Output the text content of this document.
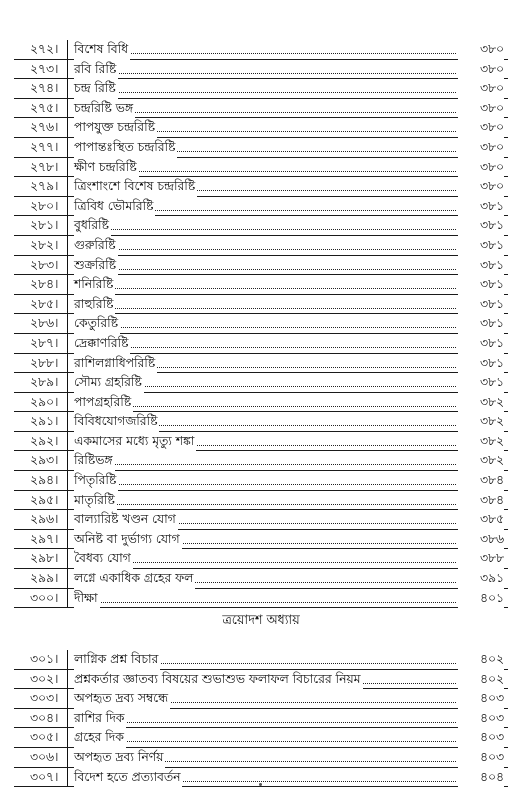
২৭২।	বিশেষ বিধি	৩৮০
২৭৩।	রবি রিষ্টি	৩৮০
২৭৪।	চন্দ্র রিষ্টি	৩৮০
২৭৫।	চন্দ্ররিষ্টি ভঙ্গ	৩৮০
২৭৬।	পাপযুক্ত চন্দ্ররিষ্টি	৩৮০
২৭৭।	পাপান্তঃস্থিত চন্দ্ররিষ্টি	৩৮০
২৭৮।	ক্ষীণ চন্দ্ররিষ্টি	৩৮০
২৭৯।	ত্রিংশাংশে বিশেষ চন্দ্ররিষ্টি	৩৮০
২৮০।	ত্রিবিধ ভৌমরিষ্টি	৩৮১
২৮১।	বুধরিষ্টি	৩৮১
২৮২।	গুরুরিষ্টি	৩৮১
২৮৩।	শুক্ররিষ্টি	৩৮১
২৮৪।	শনিরিষ্টি	৩৮১
২৮৫।	রাহুরিষ্টি	৩৮১
২৮৬।	কেতুরিষ্টি	৩৮১
২৮৭।	দ্রেক্কাণরিষ্টি	৩৮১
২৮৮।	রাশিলগ্নাধিপরিষ্টি	৩৮১
২৮৯।	সৌম্য গ্রহরিষ্টি	৩৮১
২৯০।	পাপগ্রহরিষ্টি	৩৮২
২৯১।	বিবিধযোগজরিষ্টি	৩৮২
২৯২।	একমাসের মধ্যে মৃত্যু শঙ্কা	৩৮২
২৯৩।	রিষ্টিভঙ্গ	৩৮২
২৯৪।	পিতৃরিষ্টি	৩৮৪
২৯৫।	মাতৃরিষ্টি	৩৮৪
২৯৬।	বাল্যারিষ্ট খণ্ডন যোগ	৩৮৫
২৯৭।	অনিষ্ট বা দুর্ভাগ্য যোগ	৩৮৬
২৯৮।	বৈধব্য যোগ	৩৮৮
২৯৯।	লগ্নে একাধিক গ্রহের ফল	৩৯১
৩০০।	দীক্ষা	৪০১
ত্রয়োদশ অধ্যায়
৩০১।	লাগ্নিক প্রশ্ন বিচার	৪০২
৩০২।	প্রশ্নকর্তার জ্ঞাতব্য বিষয়ের শুভাশুভ ফলাফল বিচারের নিয়ম	৪০২
৩০৩।	অপহৃত দ্রব্য সম্বন্ধে	৪০৩
৩০৪।	রাশির দিক	৪০৩
৩০৫।	গ্রহের দিক	৪০৩
৩০৬।	অপহৃত দ্রব্য নির্ণয়	৪০৩
৩০৭।	বিদেশ হতে প্রত্যাবর্তন	৪০৪
